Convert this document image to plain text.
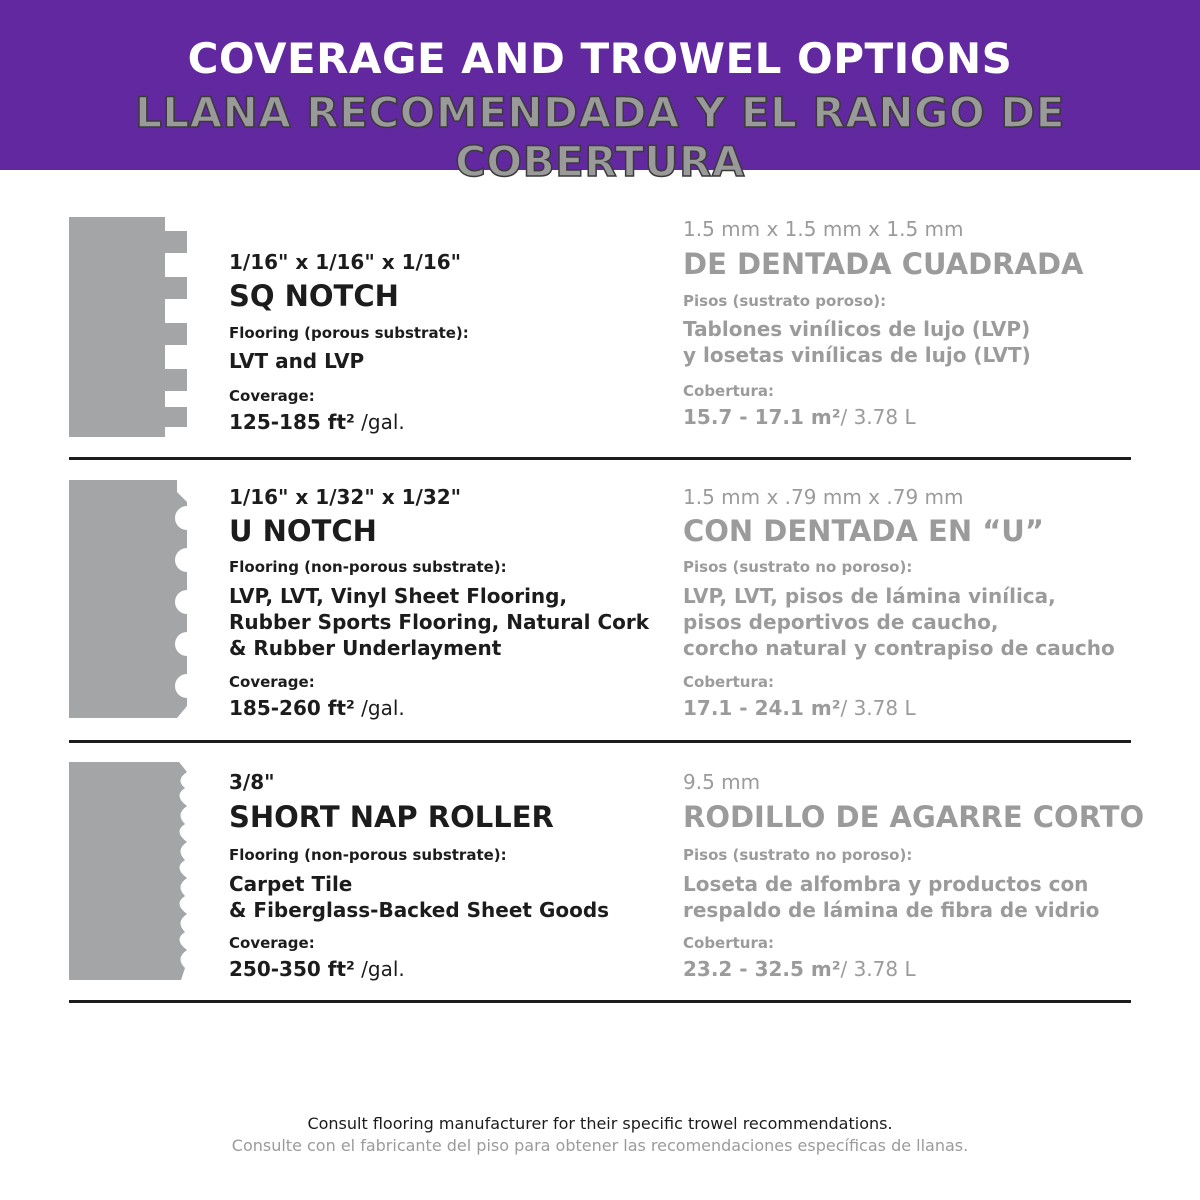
COVERAGE AND TROWEL OPTIONS
LLANA RECOMENDADA Y EL RANGO DE COBERTURA
1/16" x 1/16" x 1/16"
SQ NOTCH
Flooring (porous substrate):
LVT and LVP
Coverage:
125-185 ft² /gal.
1.5 mm x 1.5 mm x 1.5 mm
DE DENTADA CUADRADA
Pisos (sustrato poroso):
Tablones vinílicos de lujo (LVP)
y losetas vinílicas de lujo (LVT)
Cobertura:
15.7 - 17.1 m²/ 3.78 L
1/16" x 1/32" x 1/32"
U NOTCH
Flooring (non-porous substrate):
LVP, LVT, Vinyl Sheet Flooring,
Rubber Sports Flooring, Natural Cork
& Rubber Underlayment
Coverage:
185-260 ft² /gal.
1.5 mm x .79 mm x .79 mm
CON DENTADA EN “U”
Pisos (sustrato no poroso):
LVP, LVT, pisos de lámina vinílica,
pisos deportivos de caucho,
corcho natural y contrapiso de caucho
Cobertura:
17.1 - 24.1 m²/ 3.78 L
3/8"
SHORT NAP ROLLER
Flooring (non-porous substrate):
Carpet Tile
& Fiberglass-Backed Sheet Goods
Coverage:
250-350 ft² /gal.
9.5 mm
RODILLO DE AGARRE CORTO
Pisos (sustrato no poroso):
Loseta de alfombra y productos con
respaldo de lámina de fibra de vidrio
Cobertura:
23.2 - 32.5 m²/ 3.78 L
Consult flooring manufacturer for their specific trowel recommendations.
Consulte con el fabricante del piso para obtener las recomendaciones específicas de llanas.
